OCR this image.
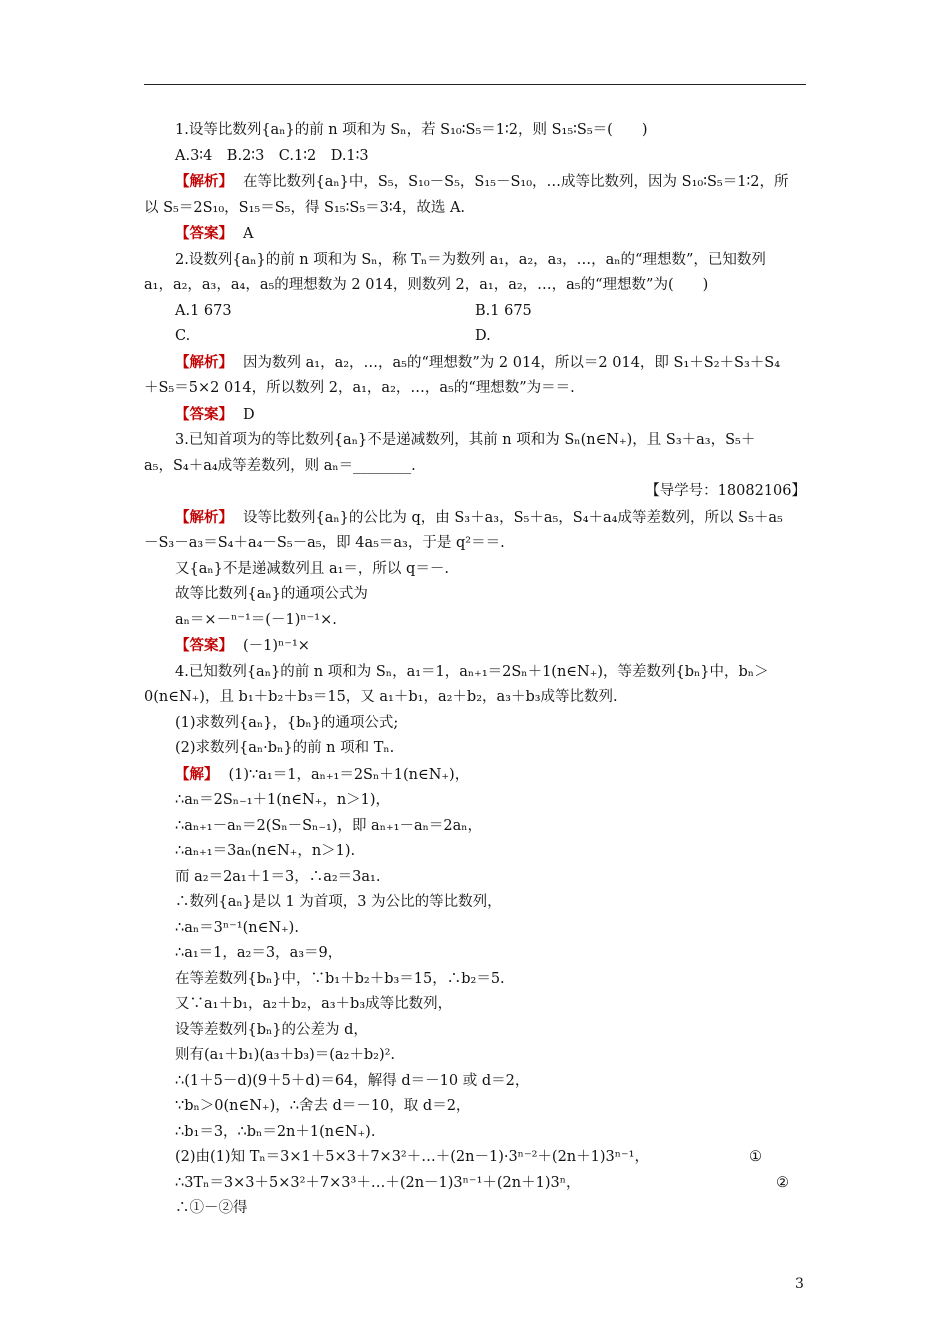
1.设等比数列{aₙ}的前 n 项和为 Sₙ，若 S₁₀∶S₅＝1∶2，则 S₁₅∶S₅＝(　　)
A.3∶4　B.2∶3　C.1∶2　D.1∶3
【解析】 在等比数列{aₙ}中，S₅，S₁₀－S₅，S₁₅－S₁₀，…成等比数列，因为 S₁₀∶S₅＝1∶2，所
以 S₅＝2S₁₀，S₁₅＝S₅，得 S₁₅∶S₅＝3∶4，故选 A.
【答案】 A
2.设数列{aₙ}的前 n 项和为 Sₙ，称 Tₙ＝为数列 a₁，a₂，a₃，…，aₙ的“理想数”，已知数列
a₁，a₂，a₃，a₄，a₅的理想数为 2 014，则数列 2，a₁，a₂，…，a₅的“理想数”为(　　)
A.1 673	B.1 675
C.	D.
【解析】 因为数列 a₁，a₂，…，a₅的“理想数”为 2 014，所以＝2 014，即 S₁＋S₂＋S₃＋S₄
＋S₅＝5×2 014，所以数列 2，a₁，a₂，…，a₅的“理想数”为＝＝.
【答案】 D
3.已知首项为的等比数列{aₙ}不是递减数列，其前 n 项和为 Sₙ(n∈N₊)，且 S₃＋a₃，S₅＋
a₅，S₄＋a₄成等差数列，则 aₙ＝________.
【导学号：18082106】
【解析】 设等比数列{aₙ}的公比为 q，由 S₃＋a₃，S₅＋a₅，S₄＋a₄成等差数列，所以 S₅＋a₅
－S₃－a₃＝S₄＋a₄－S₅－a₅，即 4a₅＝a₃，于是 q²＝＝.
又{aₙ}不是递减数列且 a₁＝，所以 q＝－.
故等比数列{aₙ}的通项公式为
aₙ＝×－ⁿ⁻¹＝(－1)ⁿ⁻¹×.
【答案】 (－1)ⁿ⁻¹×
4.已知数列{aₙ}的前 n 项和为 Sₙ，a₁＝1，aₙ₊₁＝2Sₙ＋1(n∈N₊)，等差数列{bₙ}中，bₙ＞
0(n∈N₊)，且 b₁＋b₂＋b₃＝15，又 a₁＋b₁，a₂＋b₂，a₃＋b₃成等比数列.
(1)求数列{aₙ}，{bₙ}的通项公式;
(2)求数列{aₙ·bₙ}的前 n 项和 Tₙ.
【解】 (1)∵a₁＝1，aₙ₊₁＝2Sₙ＋1(n∈N₊)，
∴aₙ＝2Sₙ₋₁＋1(n∈N₊，n＞1)，
∴aₙ₊₁－aₙ＝2(Sₙ－Sₙ₋₁)，即 aₙ₊₁－aₙ＝2aₙ，
∴aₙ₊₁＝3aₙ(n∈N₊，n＞1).
而 a₂＝2a₁＋1＝3，∴a₂＝3a₁.
∴数列{aₙ}是以 1 为首项，3 为公比的等比数列，
∴aₙ＝3ⁿ⁻¹(n∈N₊).
∴a₁＝1，a₂＝3，a₃＝9，
在等差数列{bₙ}中，∵b₁＋b₂＋b₃＝15，∴b₂＝5.
又∵a₁＋b₁，a₂＋b₂，a₃＋b₃成等比数列，
设等差数列{bₙ}的公差为 d，
则有(a₁＋b₁)(a₃＋b₃)＝(a₂＋b₂)².
∴(1＋5－d)(9＋5＋d)＝64，解得 d＝－10 或 d＝2，
∵bₙ＞0(n∈N₊)，∴舍去 d＝－10，取 d＝2，
∴b₁＝3，∴bₙ＝2n＋1(n∈N₊).
(2)由(1)知 Tₙ＝3×1＋5×3＋7×3²＋…＋(2n－1)·3ⁿ⁻²＋(2n＋1)3ⁿ⁻¹，	①
∴3Tₙ＝3×3＋5×3²＋7×3³＋…＋(2n－1)3ⁿ⁻¹＋(2n＋1)3ⁿ，	②
∴①－②得
3
